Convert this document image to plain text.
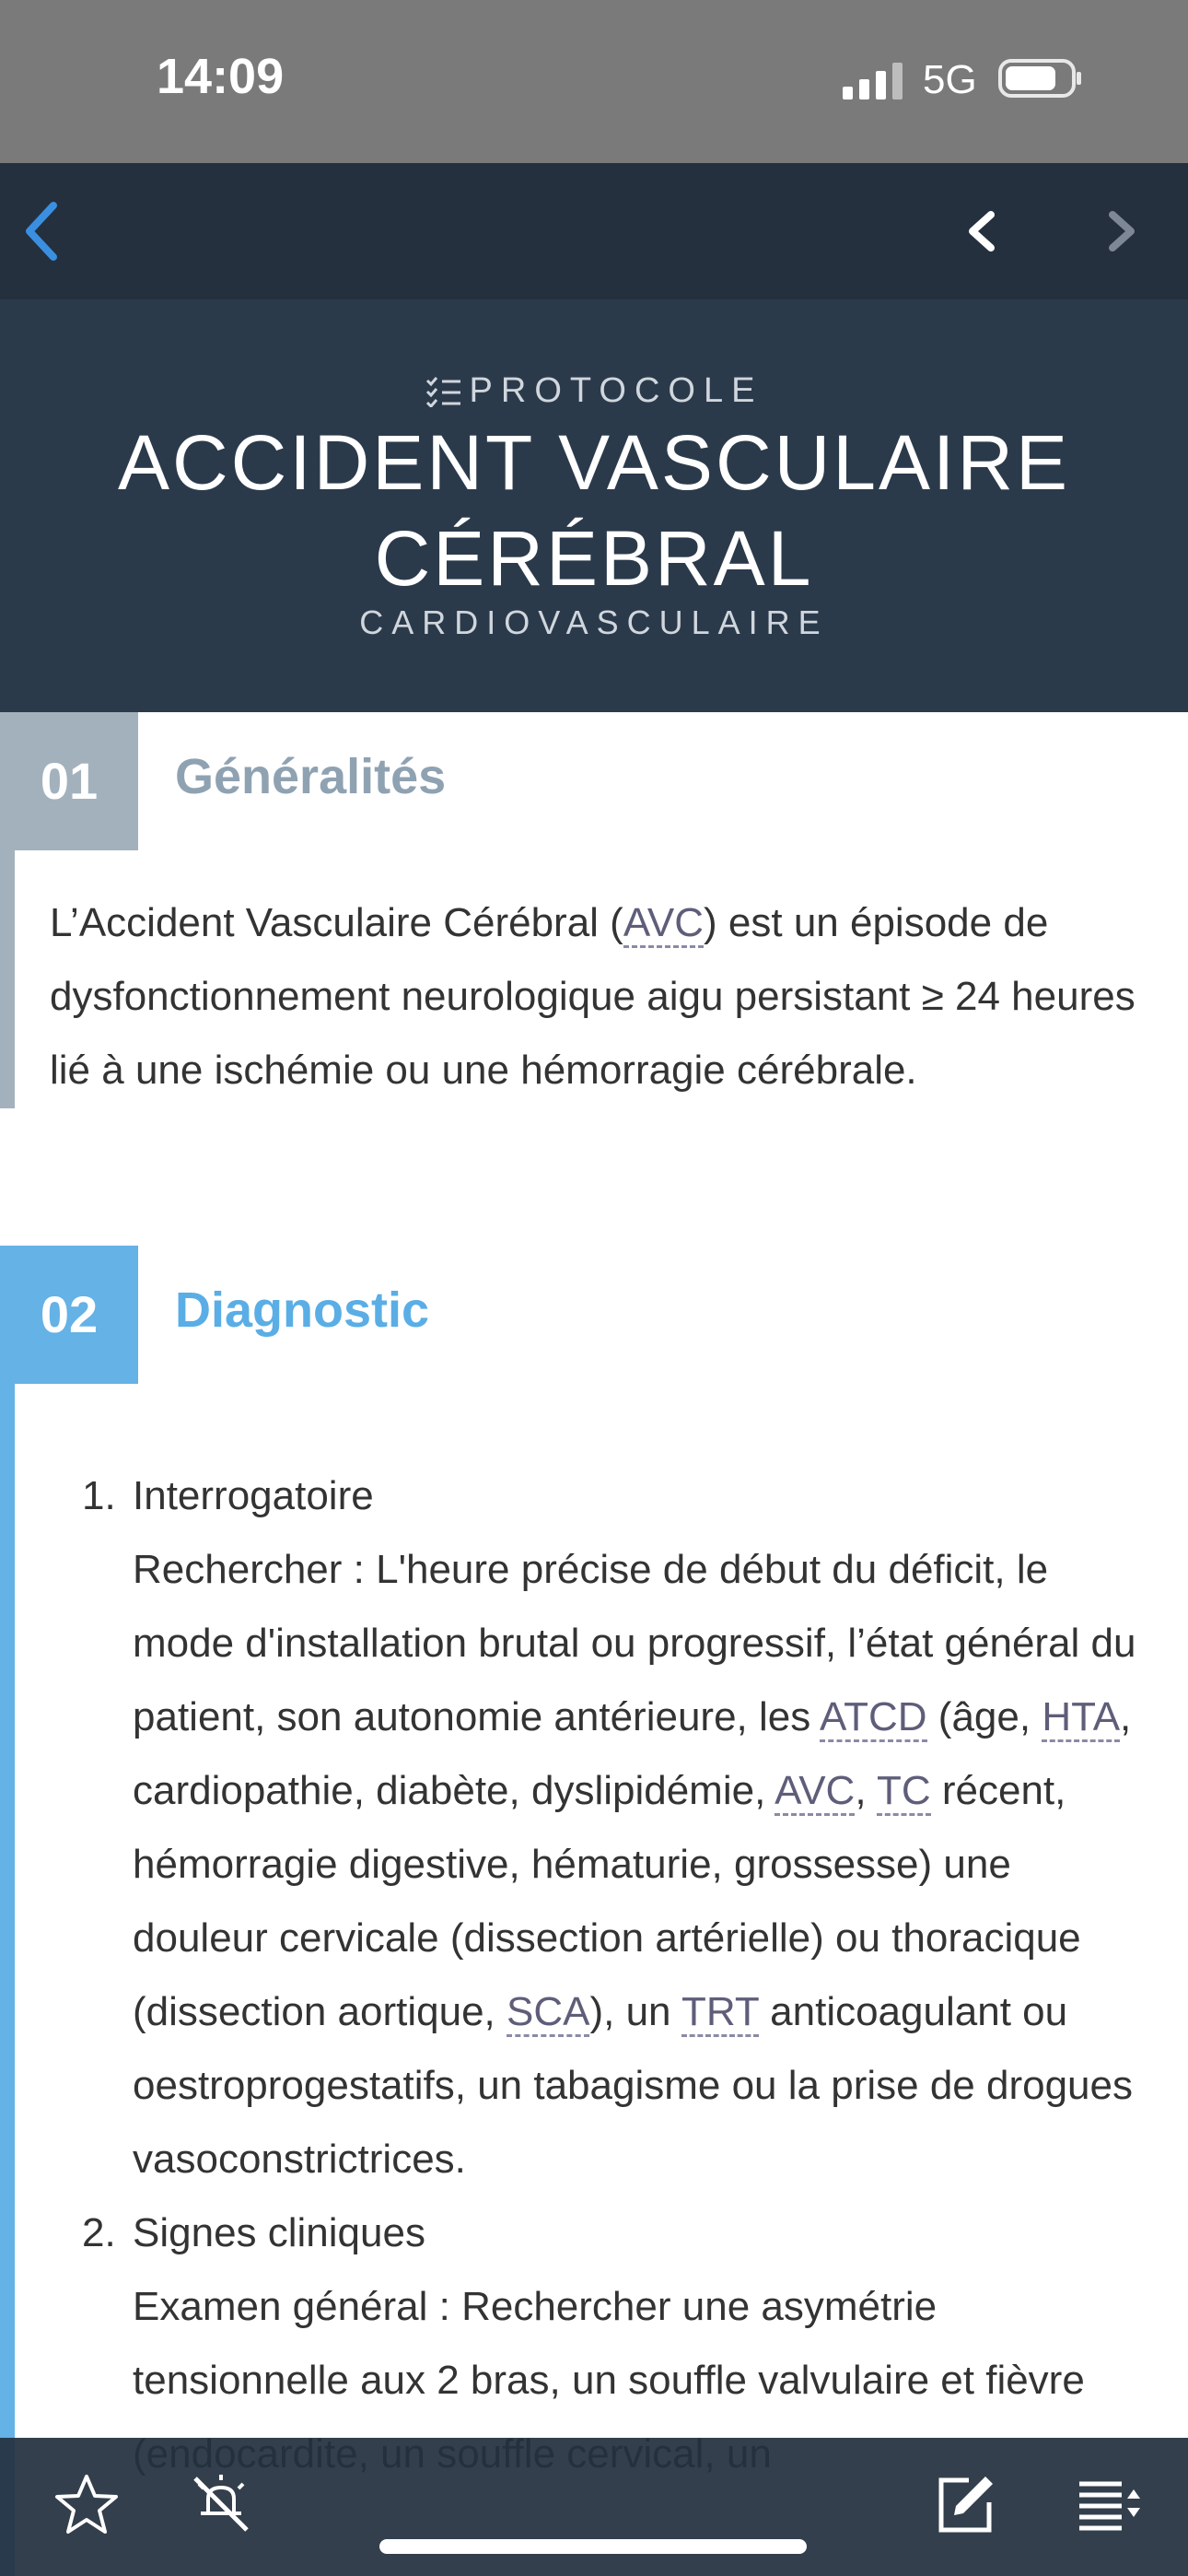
14:09	5G
PROTOCOLE
ACCIDENT VASCULAIRE CÉRÉBRAL
CARDIOVASCULAIRE
01	Généralités
L’Accident Vasculaire Cérébral (AVC) est un épisode de dysfonctionnement neurologique aigu persistant ≥ 24 heures lié à une ischémie ou une hémorragie cérébrale.
02	Diagnostic
1. Interrogatoire
Rechercher : L'heure précise de début du déficit, le mode d'installation brutal ou progressif, l’état général du patient, son autonomie antérieure, les ATCD (âge, HTA, cardiopathie, diabète, dyslipidémie, AVC, TC récent, hémorragie digestive, hématurie, grossesse) une douleur cervicale (dissection artérielle) ou thoracique (dissection aortique, SCA), un TRT anticoagulant ou oestroprogestatifs, un tabagisme ou la prise de drogues vasoconstrictrices.
2. Signes cliniques
Examen général : Rechercher une asymétrie tensionnelle aux 2 bras, un souffle valvulaire et fièvre
